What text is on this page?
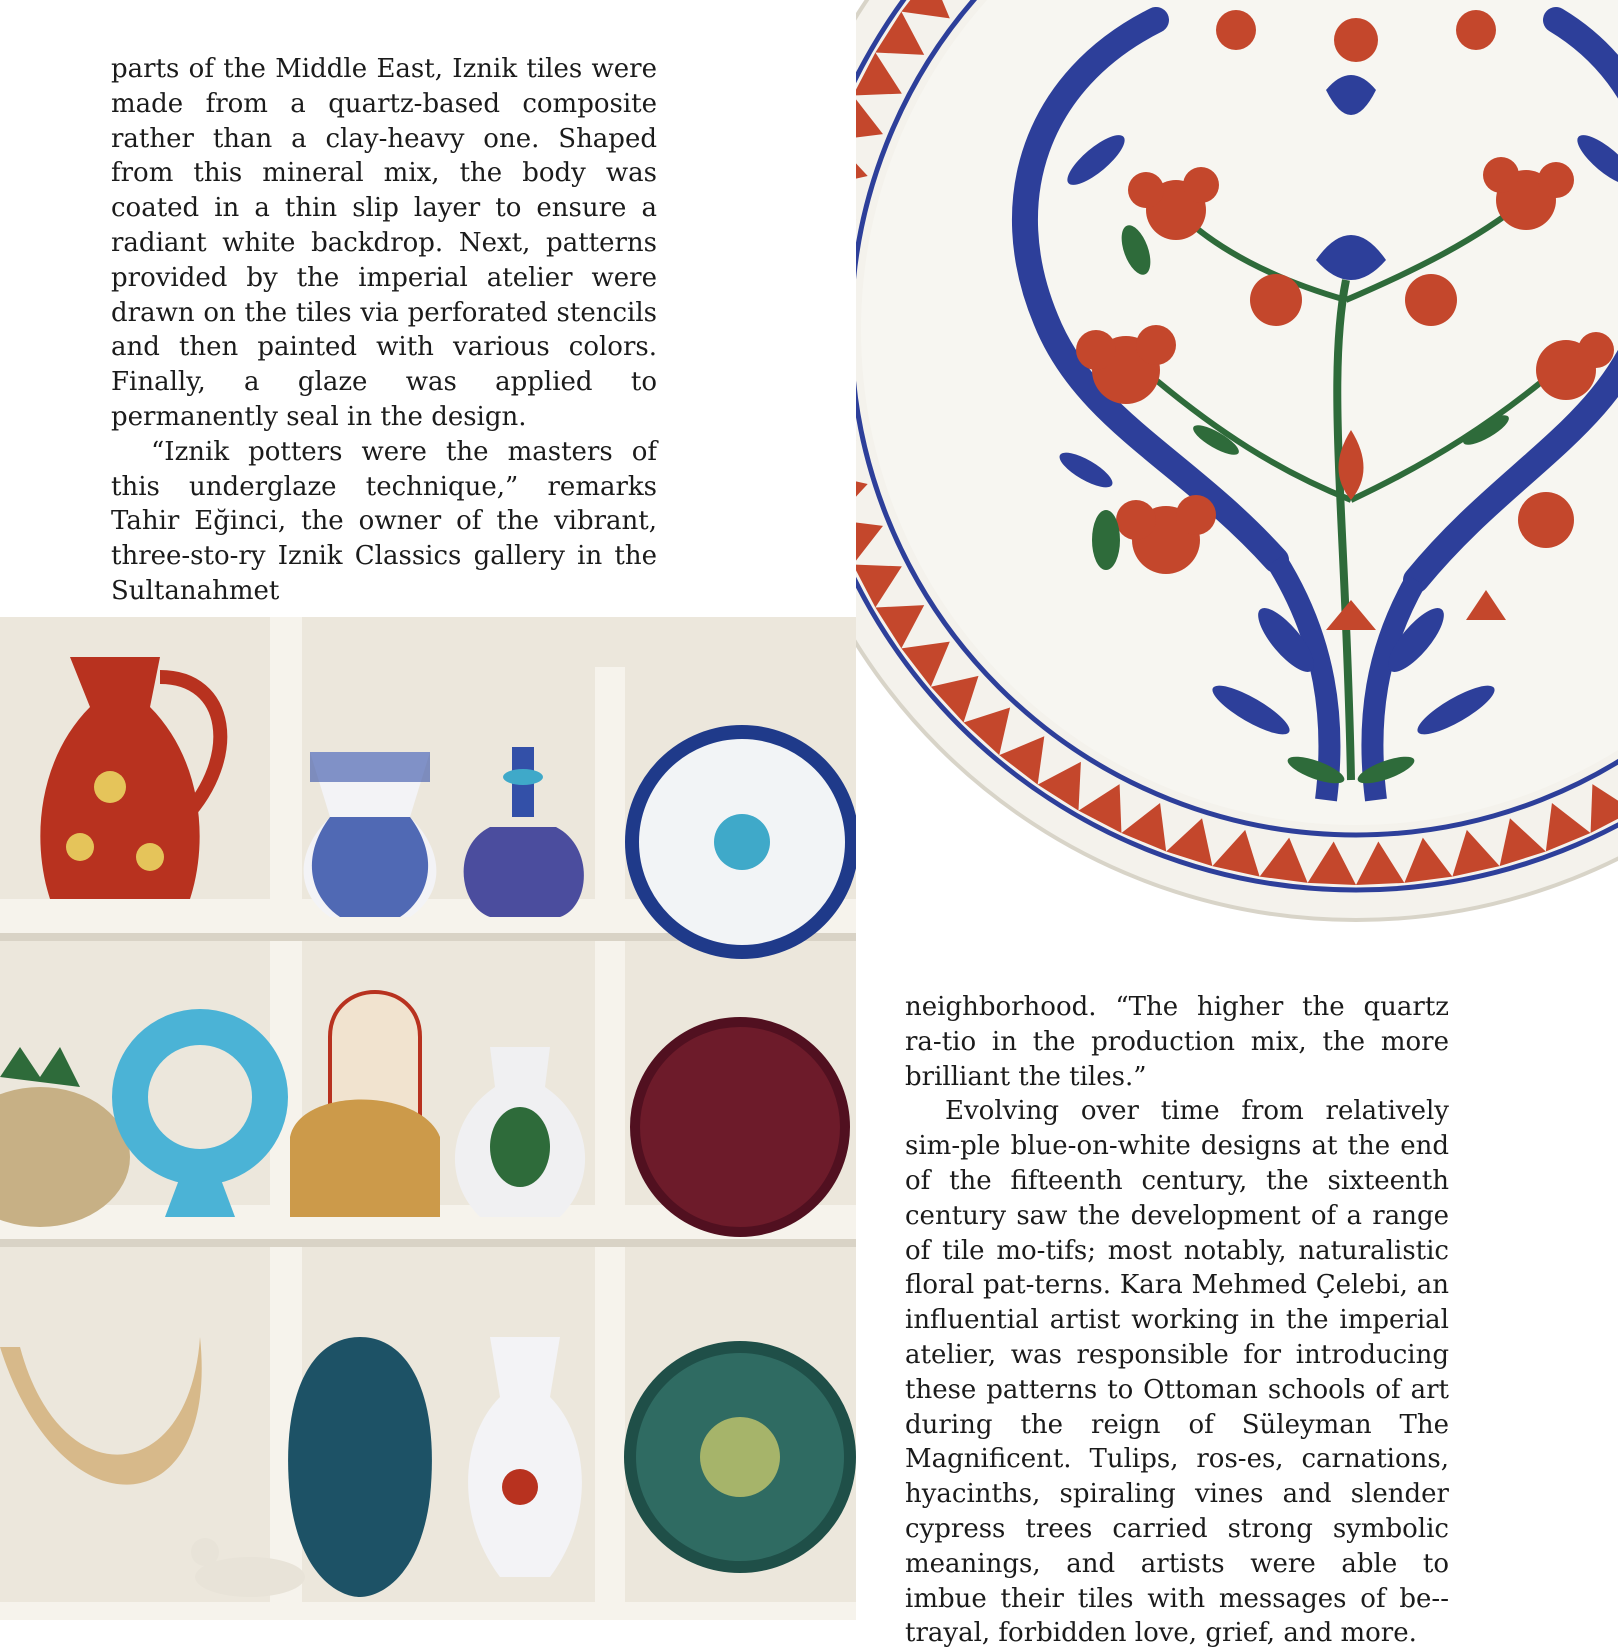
parts of the Middle East, Iznik tiles were made from a quartz-based composite rather than a clay-heavy one. Shaped from this mineral mix, the body was coated in a thin slip layer to ensure a radiant white backdrop. Next, patterns provided by the imperial atelier were drawn on the tiles via perforated stencils and then painted with various colors. Finally, a glaze was applied to permanently seal in the design.

“Iznik potters were the masters of this underglaze technique,” remarks Tahir Eğinci, the owner of the vibrant, three-sto-ry Iznik Classics gallery in the Sultanahmet

neighborhood. “The higher the quartz ra-tio in the production mix, the more brilliant the tiles.”

Evolving over time from relatively sim-ple blue-on-white designs at the end of the fifteenth century, the sixteenth century saw the development of a range of tile mo-tifs; most notably, naturalistic floral pat-terns. Kara Mehmed Çelebi, an influential artist working in the imperial atelier, was responsible for introducing these patterns to Ottoman schools of art during the reign of Süleyman The Magnificent. Tulips, ros-es, carnations, hyacinths, spiraling vines and slender cypress trees carried strong symbolic meanings, and artists were able to imbue their tiles with messages of be-trayal, forbidden love, grief, and more.
